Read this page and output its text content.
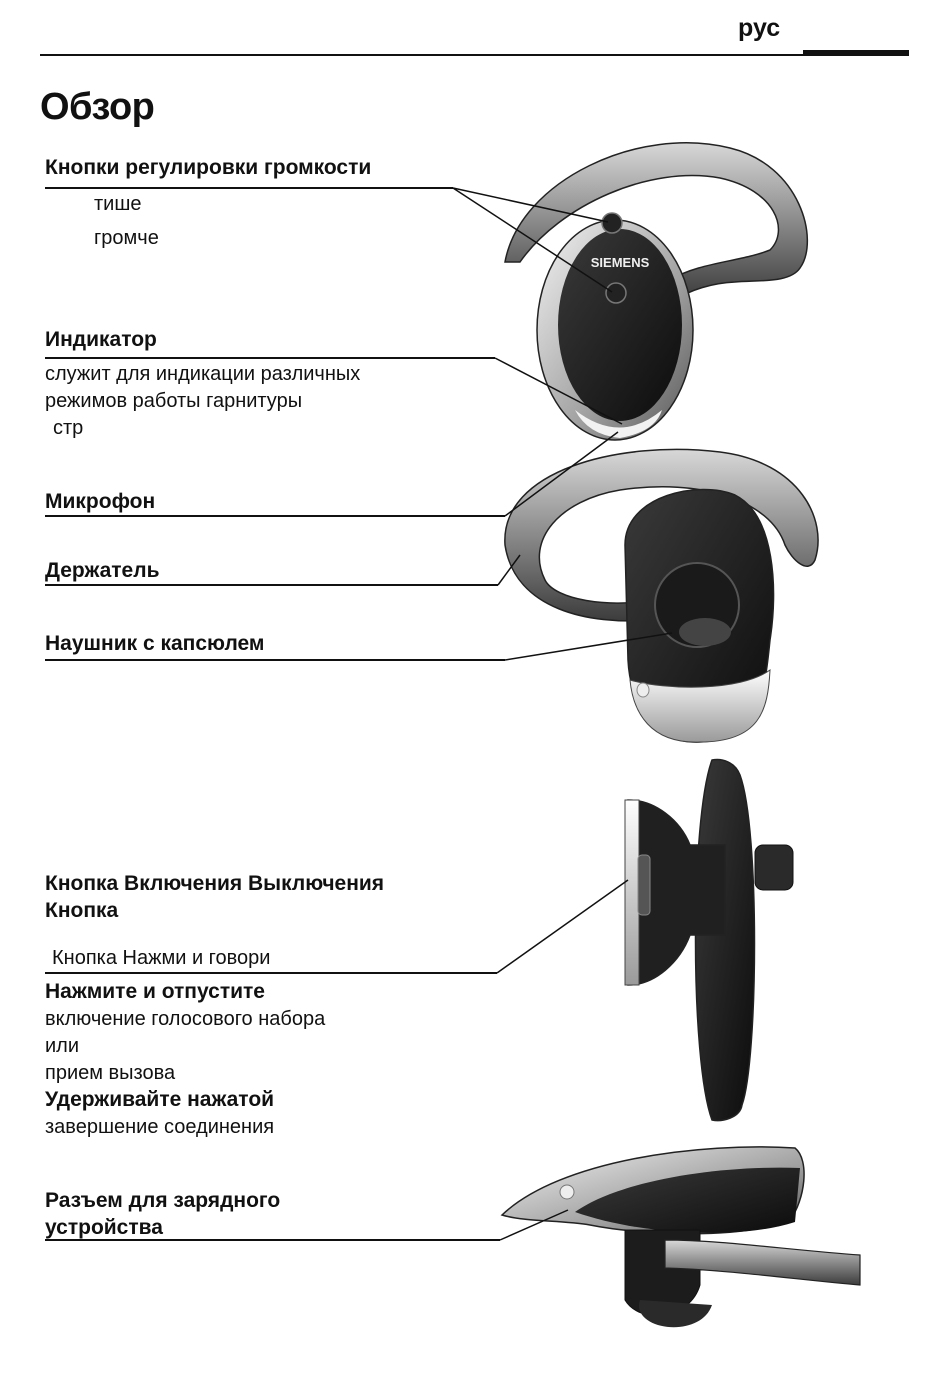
рус
Обзор
Кнопки регулировки громкости
тише
громче
Индикатор
служит для индикации различных
режимов работы гарнитуры
стр
Микрофон
Держатель
Наушник с капсюлем
Кнопка Включения Выключения
Кнопка
Кнопка Нажми и говори
Нажмите и отпустите
включение голосового набора
или
прием вызова
Удерживайте нажатой
завершение соединения
Разъем для зарядного
устройства
SIEMENS
